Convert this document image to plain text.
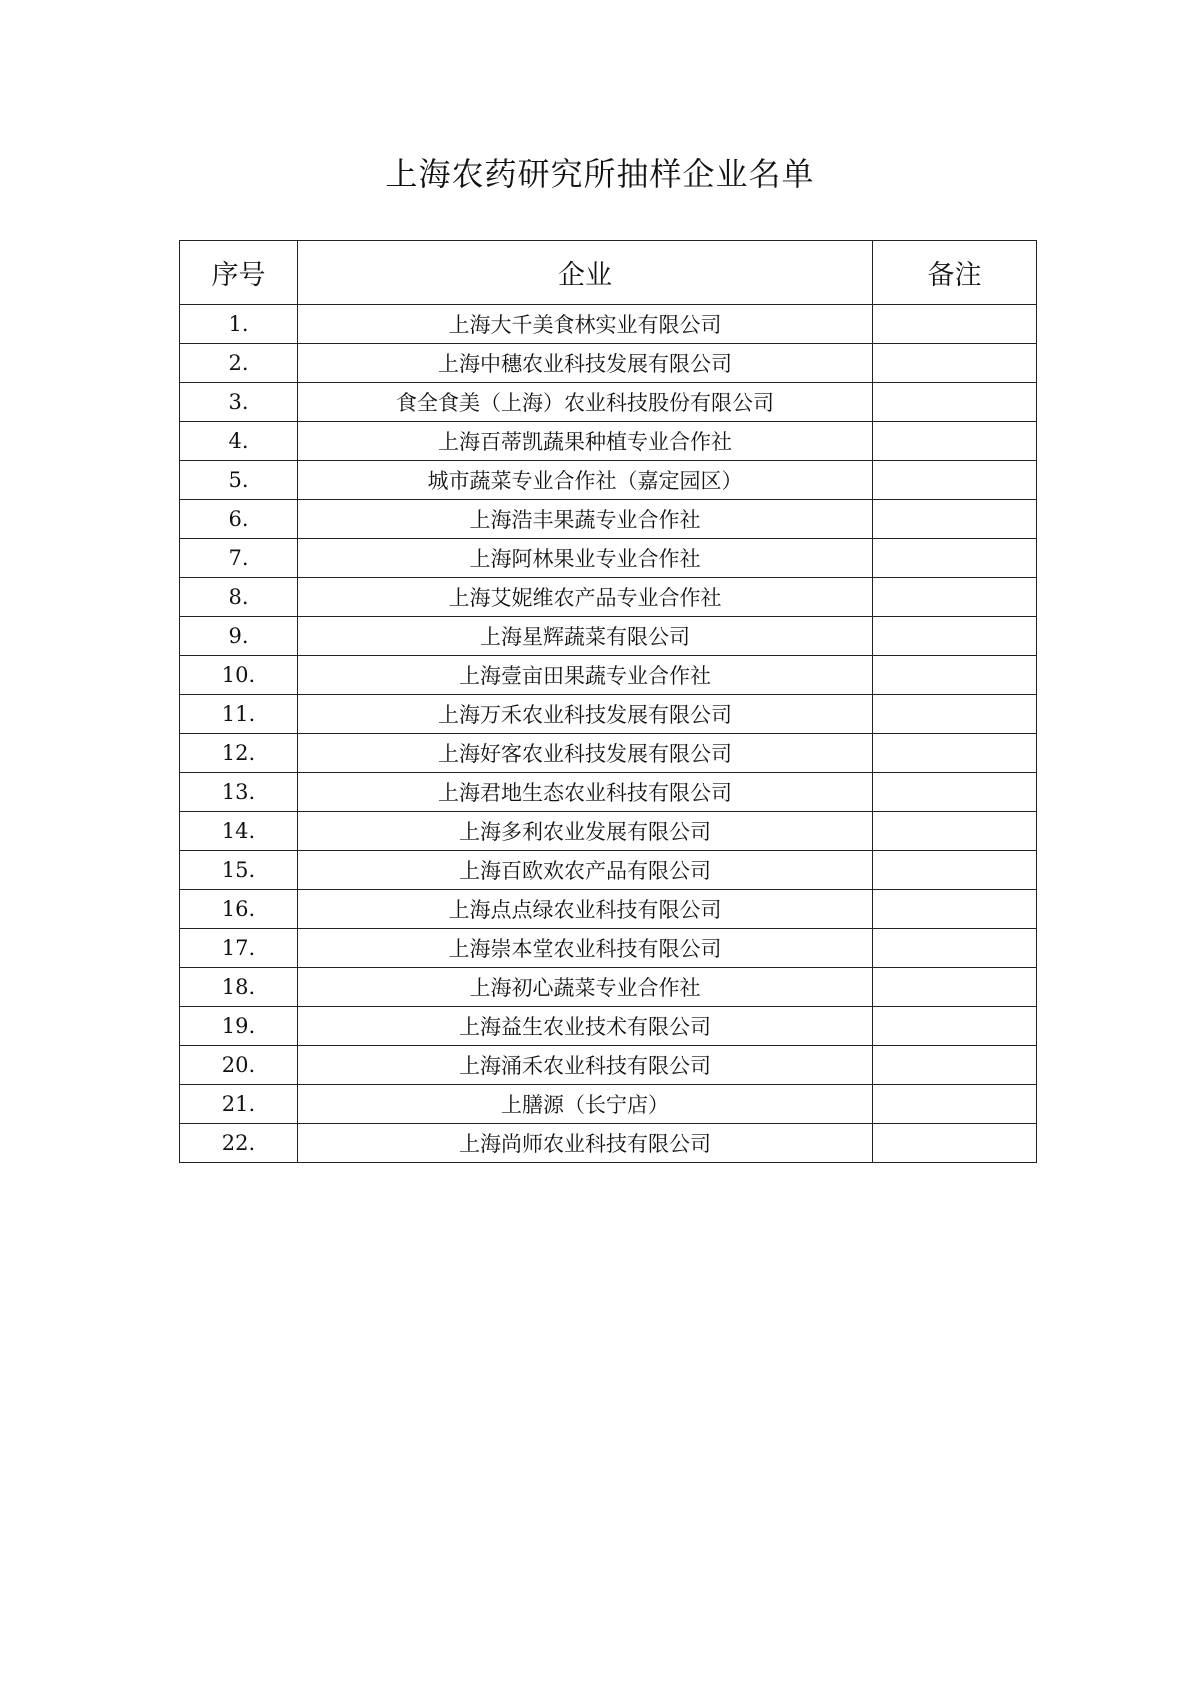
上海农药研究所抽样企业名单
序号	企业	备注
1.	上海大千美食林实业有限公司	
2.	上海中穗农业科技发展有限公司	
3.	食全食美（上海）农业科技股份有限公司	
4.	上海百蒂凯蔬果种植专业合作社	
5.	城市蔬菜专业合作社（嘉定园区）	
6.	上海浩丰果蔬专业合作社	
7.	上海阿林果业专业合作社	
8.	上海艾妮维农产品专业合作社	
9.	上海星辉蔬菜有限公司	
10.	上海壹亩田果蔬专业合作社	
11.	上海万禾农业科技发展有限公司	
12.	上海好客农业科技发展有限公司	
13.	上海君地生态农业科技有限公司	
14.	上海多利农业发展有限公司	
15.	上海百欧欢农产品有限公司	
16.	上海点点绿农业科技有限公司	
17.	上海崇本堂农业科技有限公司	
18.	上海初心蔬菜专业合作社	
19.	上海益生农业技术有限公司	
20.	上海涌禾农业科技有限公司	
21.	上膳源（长宁店）	
22.	上海尚师农业科技有限公司	
